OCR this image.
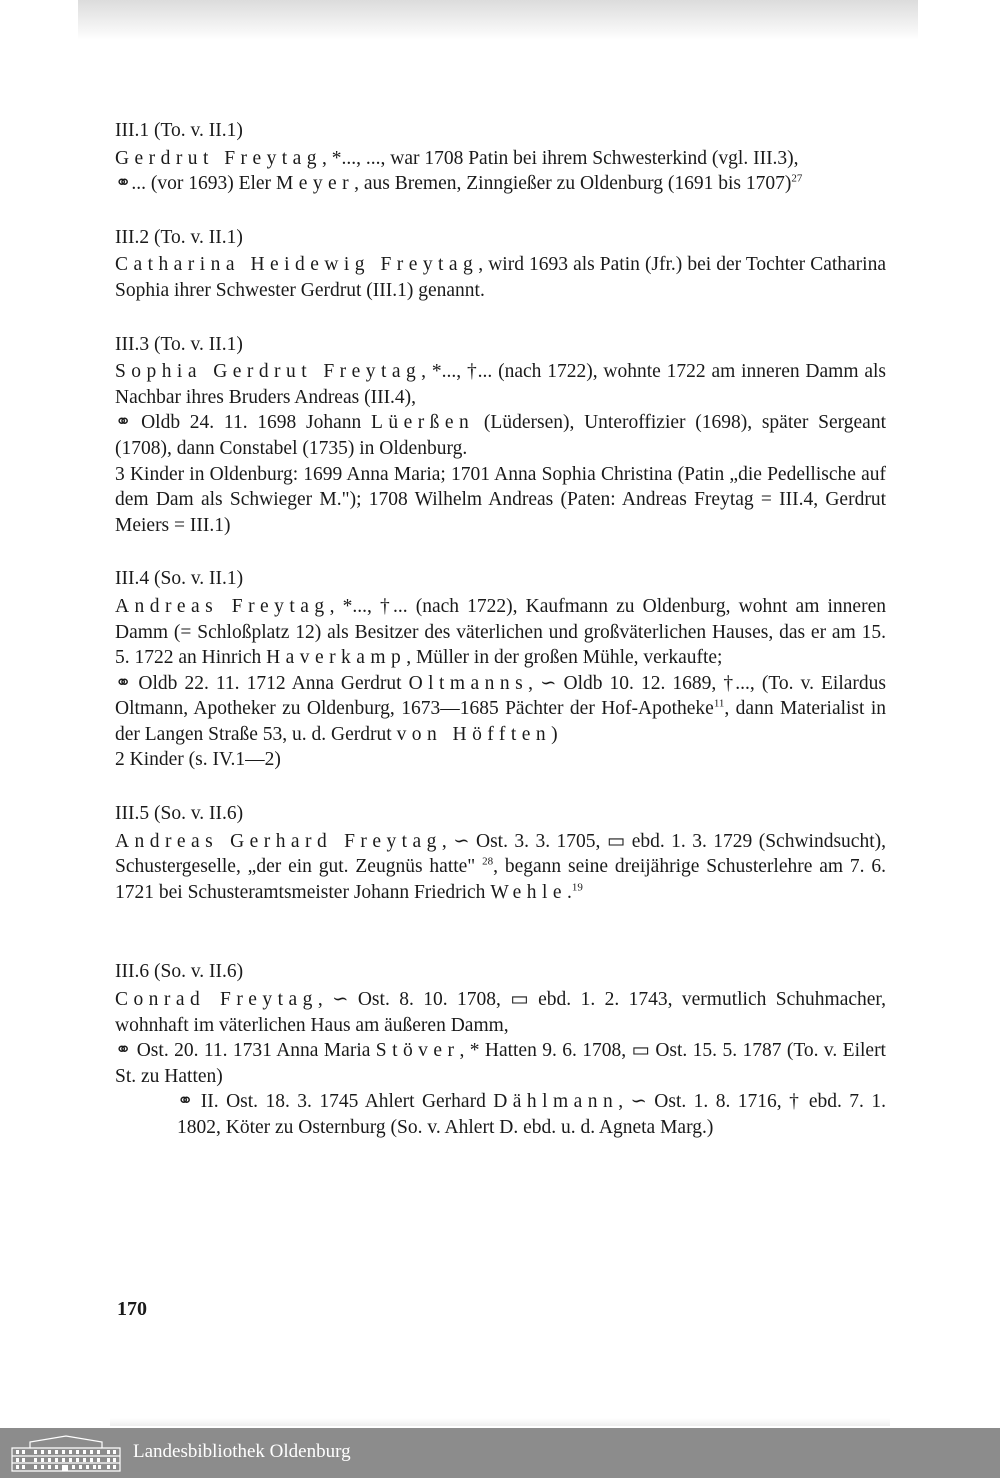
III.1 (To. v. II.1)

Gerdrut Freytag, *..., ..., war 1708 Patin bei ihrem Schwesterkind (vgl. III.3),

⚭... (vor 1693) Eler Meyer, aus Bremen, Zinngießer zu Oldenburg (1691 bis 1707)$^{27}$

III.2 (To. v. II.1)

Catharina Heidewig Freytag, wird 1693 als Patin (Jfr.) bei der Tochter Catharina Sophia ihrer Schwester Gerdrut (III.1) genannt.

III.3 (To. v. II.1)

Sophia Gerdrut Freytag, *..., †... (nach 1722), wohnte 1722 am inneren Damm als Nachbar ihres Bruders Andreas (III.4),

⚭ Oldb 24. 11. 1698 Johann Lüerßen (Lüdersen), Unteroffizier (1698), später Sergeant (1708), dann Constabel (1735) in Oldenburg.

3 Kinder in Oldenburg: 1699 Anna Maria; 1701 Anna Sophia Christina (Patin „die Pedellische auf dem Dam als Schwieger M."); 1708 Wilhelm Andreas (Paten: Andreas Freytag = III.4, Gerdrut Meiers = III.1)

III.4 (So. v. II.1)

Andreas Freytag, *..., †... (nach 1722), Kaufmann zu Oldenburg, wohnt am inneren Damm (= Schloßplatz 12) als Besitzer des väterlichen und großväterlichen Hauses, das er am 15. 5. 1722 an Hinrich Haverkamp, Müller in der großen Mühle, verkaufte;

⚭ Oldb 22. 11. 1712 Anna Gerdrut Oltmanns, ∽ Oldb 10. 12. 1689, †..., (To. v. Eilardus Oltmann, Apotheker zu Oldenburg, 1673—1685 Pächter der Hof-Apotheke$^{11}$, dann Materialist in der Langen Straße 53, u. d. Gerdrut von Höfften)

2 Kinder (s. IV.1—2)

III.5 (So. v. II.6)

Andreas Gerhard Freytag, ∽ Ost. 3. 3. 1705, ▭ ebd. 1. 3. 1729 (Schwindsucht), Schustergeselle, „der ein gut. Zeugnüs hatte" $^{28}$, begann seine dreijährige Schusterlehre am 7. 6. 1721 bei Schusteramtsmeister Johann Friedrich Wehle.$^{19}$

III.6 (So. v. II.6)

Conrad Freytag, ∽ Ost. 8. 10. 1708, ▭ ebd. 1. 2. 1743, vermutlich Schuhmacher, wohnhaft im väterlichen Haus am äußeren Damm,

⚭ Ost. 20. 11. 1731 Anna Maria Stöver, * Hatten 9. 6. 1708, ▭ Ost. 15. 5. 1787 (To. v. Eilert St. zu Hatten)

⚭ II. Ost. 18. 3. 1745 Ahlert Gerhard Dählmann, ∽ Ost. 1. 8. 1716, † ebd. 7. 1. 1802, Köter zu Osternburg (So. v. Ahlert D. ebd. u. d. Agneta Marg.)

170
Landesbibliothek Oldenburg
